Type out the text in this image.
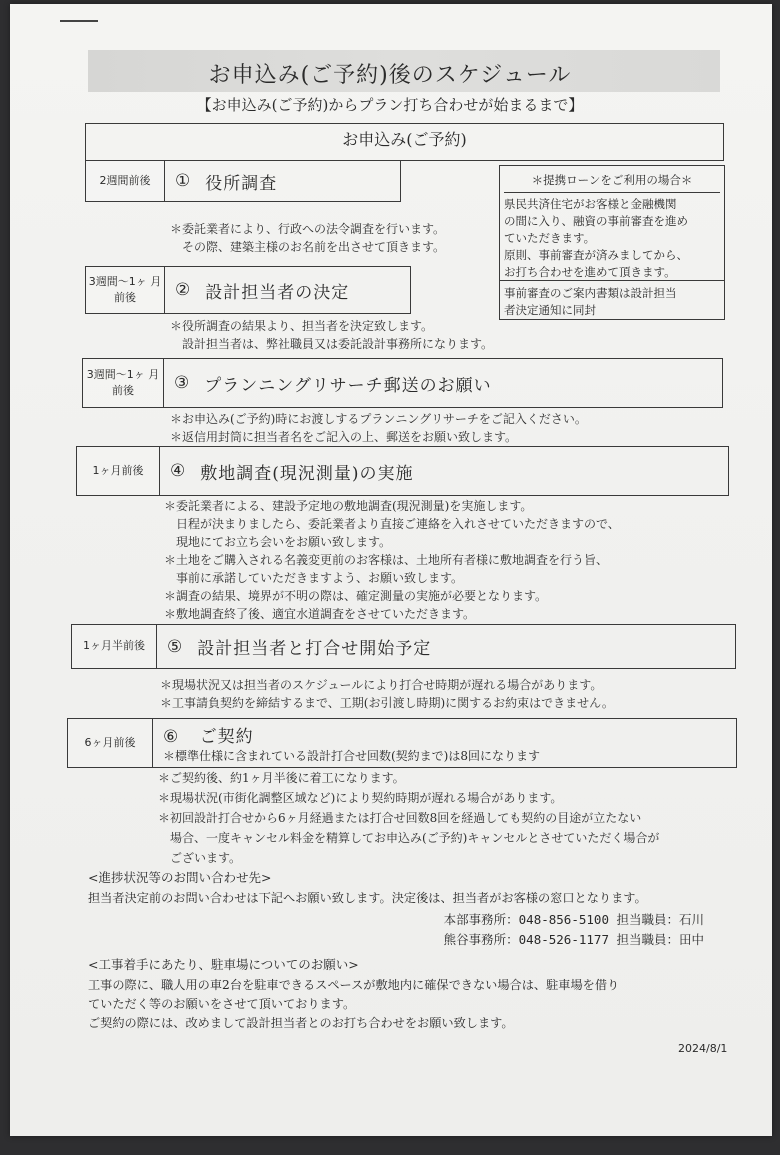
お申込み(ご予約)後のスケジュール
【お申込み(ご予約)からプラン打ち合わせが始まるまで】
お申込み(ご予約)
2週間前後	① 役所調査
＊委託業者により、行政への法令調査を行います。
　その際、建築主様のお名前を出させて頂きます。
＊提携ローンをご利用の場合＊
県民共済住宅がお客様と金融機関
の間に入り、融資の事前審査を進め
ていただきます。
原則、事前審査が済みましてから、
お打ち合わせを進めて頂きます。
事前審査のご案内書類は設計担当
者決定通知に同封
3週間～1ヶ 月前後	② 設計担当者の決定
＊役所調査の結果より、担当者を決定致します。
　設計担当者は、弊社職員又は委託設計事務所になります。
3週間～1ヶ 月前後	③ プランニングリサーチ郵送のお願い
＊お申込み(ご予約)時にお渡しするプランニングリサーチをご記入ください。
＊返信用封筒に担当者名をご記入の上、郵送をお願い致します。
1ヶ月前後	④ 敷地調査(現況測量)の実施
＊委託業者による、建設予定地の敷地調査(現況測量)を実施します。
　日程が決まりましたら、委託業者より直接ご連絡を入れさせていただきますので、
　現地にてお立ち会いをお願い致します。
＊土地をご購入される名義変更前のお客様は、土地所有者様に敷地調査を行う旨、
　事前に承諾していただきますよう、お願い致します。
＊調査の結果、境界が不明の際は、確定測量の実施が必要となります。
＊敷地調査終了後、適宜水道調査をさせていただきます。
1ヶ月半前後	⑤ 設計担当者と打合せ開始予定
＊現場状況又は担当者のスケジュールにより打合せ時期が遅れる場合があります。
＊工事請負契約を締結するまで、工期(お引渡し時期)に関するお約束はできません。
6ヶ月前後	⑥ ご契約
＊標準仕様に含まれている設計打合せ回数(契約まで)は8回になります
＊ご契約後、約1ヶ月半後に着工になります。
＊現場状況(市街化調整区域など)により契約時期が遅れる場合があります。
＊初回設計打合せから6ヶ月経過または打合せ回数8回を経過しても契約の目途が立たない
　場合、一度キャンセル料金を精算してお申込み(ご予約)キャンセルとさせていただく場合が
　ございます。
<進捗状況等のお問い合わせ先>
担当者決定前のお問い合わせは下記へお願い致します。決定後は、担当者がお客様の窓口となります。
本部事務所：048-856-5100 担当職員：石川
熊谷事務所：048-526-1177 担当職員：田中
<工事着手にあたり、駐車場についてのお願い>
工事の際に、職人用の車2台を駐車できるスペースが敷地内に確保できない場合は、駐車場を借り
ていただく等のお願いをさせて頂いております。
ご契約の際には、改めまして設計担当者とのお打ち合わせをお願い致します。
2024/8/1
